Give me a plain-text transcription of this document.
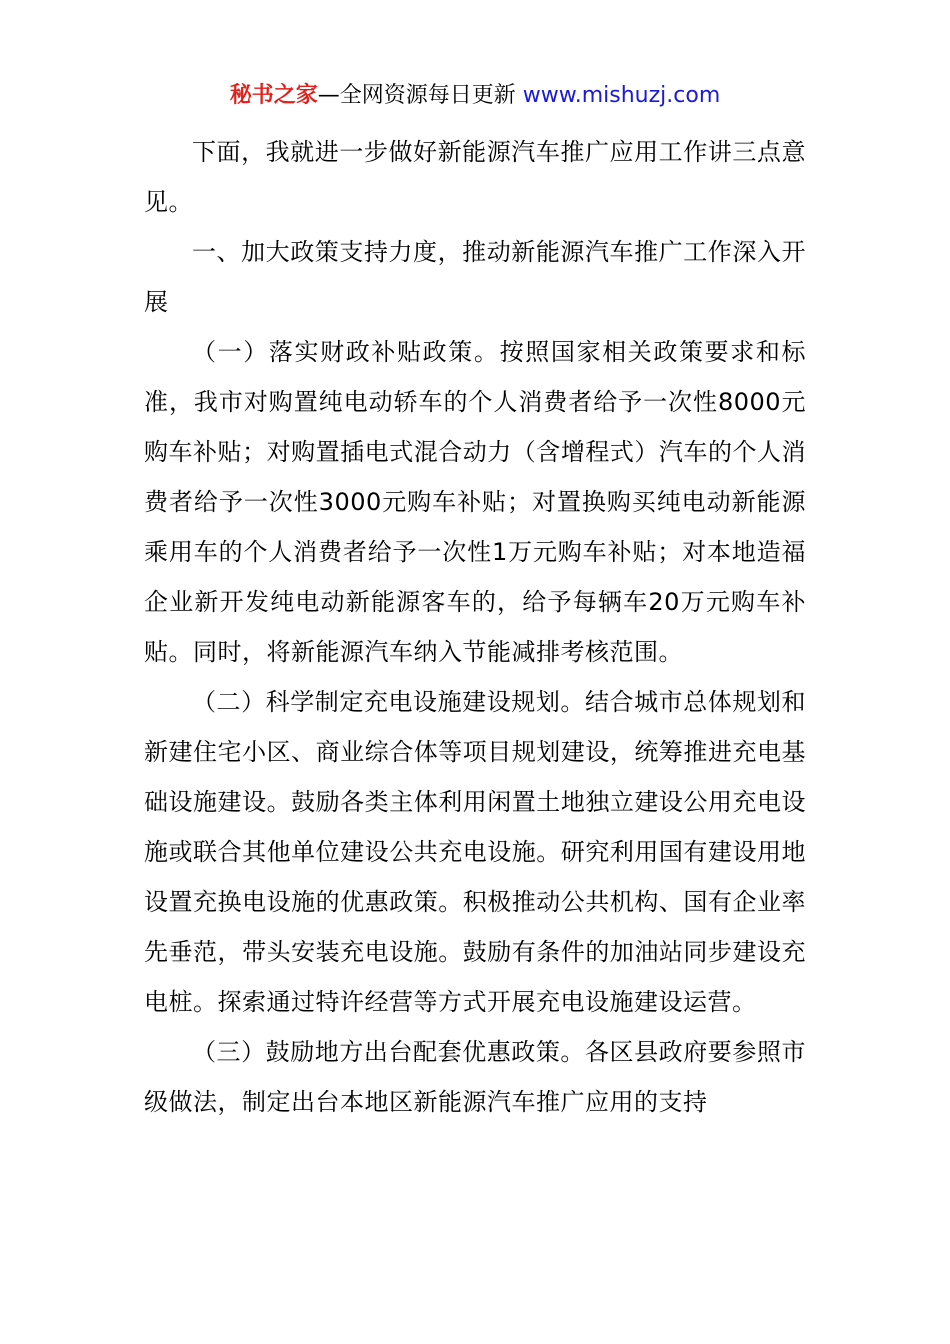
秘书之家—全网资源每日更新 www.mishuzj.com

下面，我就进一步做好新能源汽车推广应用工作讲三点意见。

一、加大政策支持力度，推动新能源汽车推广工作深入开展

（一）落实财政补贴政策。按照国家相关政策要求和标准，我市对购置纯电动轿车的个人消费者给予一次性8000元购车补贴；对购置插电式混合动力（含增程式）汽车的个人消费者给予一次性3000元购车补贴；对置换购买纯电动新能源乘用车的个人消费者给予一次性1万元购车补贴；对本地造福企业新开发纯电动新能源客车的，给予每辆车20万元购车补贴。同时，将新能源汽车纳入节能减排考核范围。

（二）科学制定充电设施建设规划。结合城市总体规划和新建住宅小区、商业综合体等项目规划建设，统筹推进充电基础设施建设。鼓励各类主体利用闲置土地独立建设公用充电设施或联合其他单位建设公共充电设施。研究利用国有建设用地设置充换电设施的优惠政策。积极推动公共机构、国有企业率先垂范，带头安装充电设施。鼓励有条件的加油站同步建设充电桩。探索通过特许经营等方式开展充电设施建设运营。

（三）鼓励地方出台配套优惠政策。各区县政府要参照市级做法，制定出台本地区新能源汽车推广应用的支持
